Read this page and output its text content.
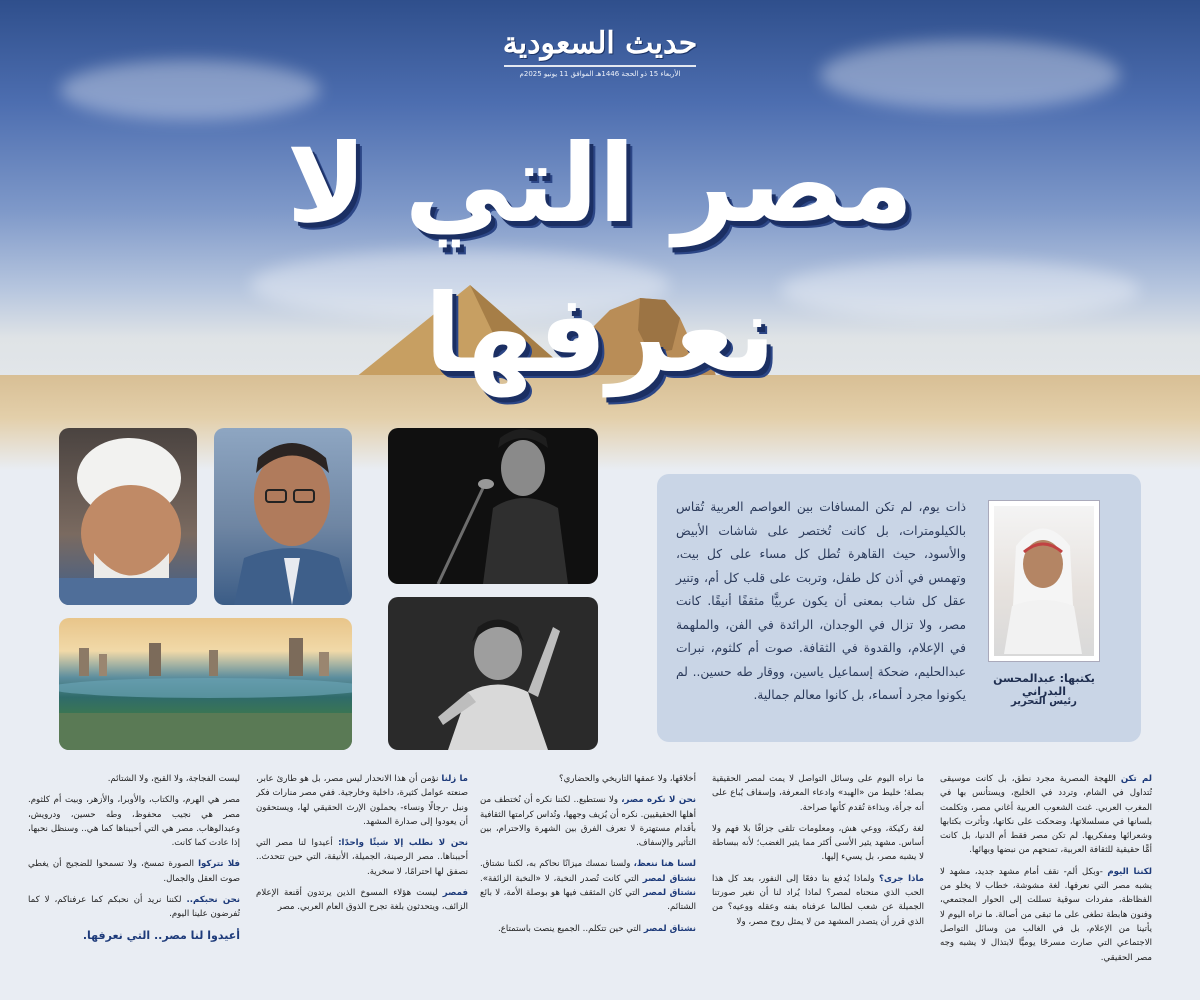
حديث السعودية
الأربعاء 15 ذو الحجة 1446هـ الموافق 11 يونيو 2025م
مصر التي لا نعرفها
يكتبها: عبدالمحسن البدراني
رئيس التحرير

ذات يوم، لم تكن المسافات بين العواصم العربية تُقاس بالكيلومترات، بل كانت تُختصر على شاشات الأبيض والأسود، حيث القاهرة تُطل كل مساء على كل بيت، وتهمس في أذن كل طفل، وتربت على قلب كل أم، وتنير عقل كل شاب بمعنى أن يكون عربيًّا مثقفًا أنيقًا. كانت مصر، ولا تزال في الوجدان، الرائدة في الفن، والملهمة في الإعلام، والقدوة في الثقافة. صوت أم كلثوم، نبرات عبدالحليم، ضحكة إسماعيل ياسين، ووقار طه حسين.. لم يكونوا مجرد أسماء، بل كانوا معالم جمالية.

لم تكن اللهجة المصرية مجرد نطق، بل كانت موسيقى تُتداول في الشام، وتردد في الخليج، ويستأنس بها في المغرب العربي. غنت الشعوب العربية أغاني مصر، وتكلمت بلسانها في مسلسلاتها، وضحكت على نكاتها، وتأثرت بكتابها وشعرائها ومفكريها. لم تكن مصر فقط أم الدنيا، بل كانت أمًّا حقيقية للثقافة العربية، تمنحهم من نبضها وبهائها.

لكننا اليوم -وبكل ألم- نقف أمام مشهد جديد، مشهد لا يشبه مصر التي نعرفها. لغة مشوشة، خطاب لا يخلو من الفظاظة، مفردات سوقية تسللت إلى الحوار المجتمعي، وفنون هابطة تطغى على ما تبقى من أصالة. ما نراه اليوم لا يأتينا من الإعلام، بل في الغالب من وسائل التواصل الاجتماعي التي صارت مسرحًا يوميًّا لابتذال لا يشبه وجه مصر الحقيقي.

ما نراه اليوم على وسائل التواصل لا يمت لمصر الحقيقية بصلة؛ خليط من «الهبد» وادعاء المعرفة، وإسفاف يُباع على أنه جرأة، وبذاءة تُقدم كأنها صراحة.

لغة ركيكة، ووعي هش، ومعلومات تلقى جزافًا بلا فهم ولا أساس. مشهد يثير الأسى أكثر مما يثير الغضب؛ لأنه ببساطة لا يشبه مصر، بل يسيء إليها.

ماذا جرى؟ ولماذا يُدفع بنا دفعًا إلى النفور، بعد كل هذا الحب الذي منحناه لمصر؟ لماذا يُراد لنا أن نغير صورتنا الجميلة عن شعب لطالما عرفناه بفنه وعقله ووعيه؟ من الذي قرر أن يتصدر المشهد من لا يمثل روح مصر، ولا

أخلاقها، ولا عمقها التاريخي والحضاري؟

نحن لا نكره مصر، ولا نستطيع.. لكننا نكره أن نُختطف من أهلها الحقيقيين. نكره أن يُزيف وجهها، وتُداس كرامتها الثقافية بأقدام مستهترة لا تعرف الفرق بين الشهرة والاحترام، بين التأثير والإسفاف.

لسنا هنا ننعظ، ولسنا نمسك ميزانًا نحاكم به، لكننا نشتاق. نشتاق لمصر التي كانت تُصدر النخبة، لا «النخبة الزائفة». نشتاق لمصر التي كان المثقف فيها هو بوصلة الأمة، لا بائع الشتائم.

نشتاق لمصر التي حين تتكلم.. الجميع ينصت باستمتاع.

ما زلنا نؤمن أن هذا الانحدار ليس مصر، بل هو طارئ عابر، صنعته عوامل كثيرة، داخلية وخارجية. ففي مصر منارات فكر ونبل -رجالًا ونساء- يحملون الإرث الحقيقي لها، ويستحقون أن يعودوا إلى صدارة المشهد.

نحن لا نطلب إلا شيئًا واحدًا: أعيدوا لنا مصر التي أحببناها.. مصر الرصينة، الجميلة، الأنيقة، التي حين تتحدث.. نصفق لها احترامًا، لا سخرية.

فمصر ليست هؤلاء المسوخ الذين يرتدون أقنعة الإعلام الزائف، ويتحدثون بلغة تجرح الذوق العام العربي. مصر

ليست الفجاجة، ولا القبح، ولا الشتائم.

مصر هي الهرم، والكتاب، والأوبرا، والأزهر، وبيت أم كلثوم. مصر هي نجيب محفوظ، وطه حسين، ودرويش، وعبدالوهاب. مصر هي التي أحببناها كما هي.. وسنظل نحبها، إذا عادت كما كانت.

فلا تتركوا الصورة تمسخ، ولا تسمحوا للضجيج أن يغطي صوت العقل والجمال.

نحن نحبكم.. لكننا نريد أن نحبكم كما عرفناكم، لا كما تُفرضون علينا اليوم.

أعيدوا لنا مصر.. التي نعرفها.
